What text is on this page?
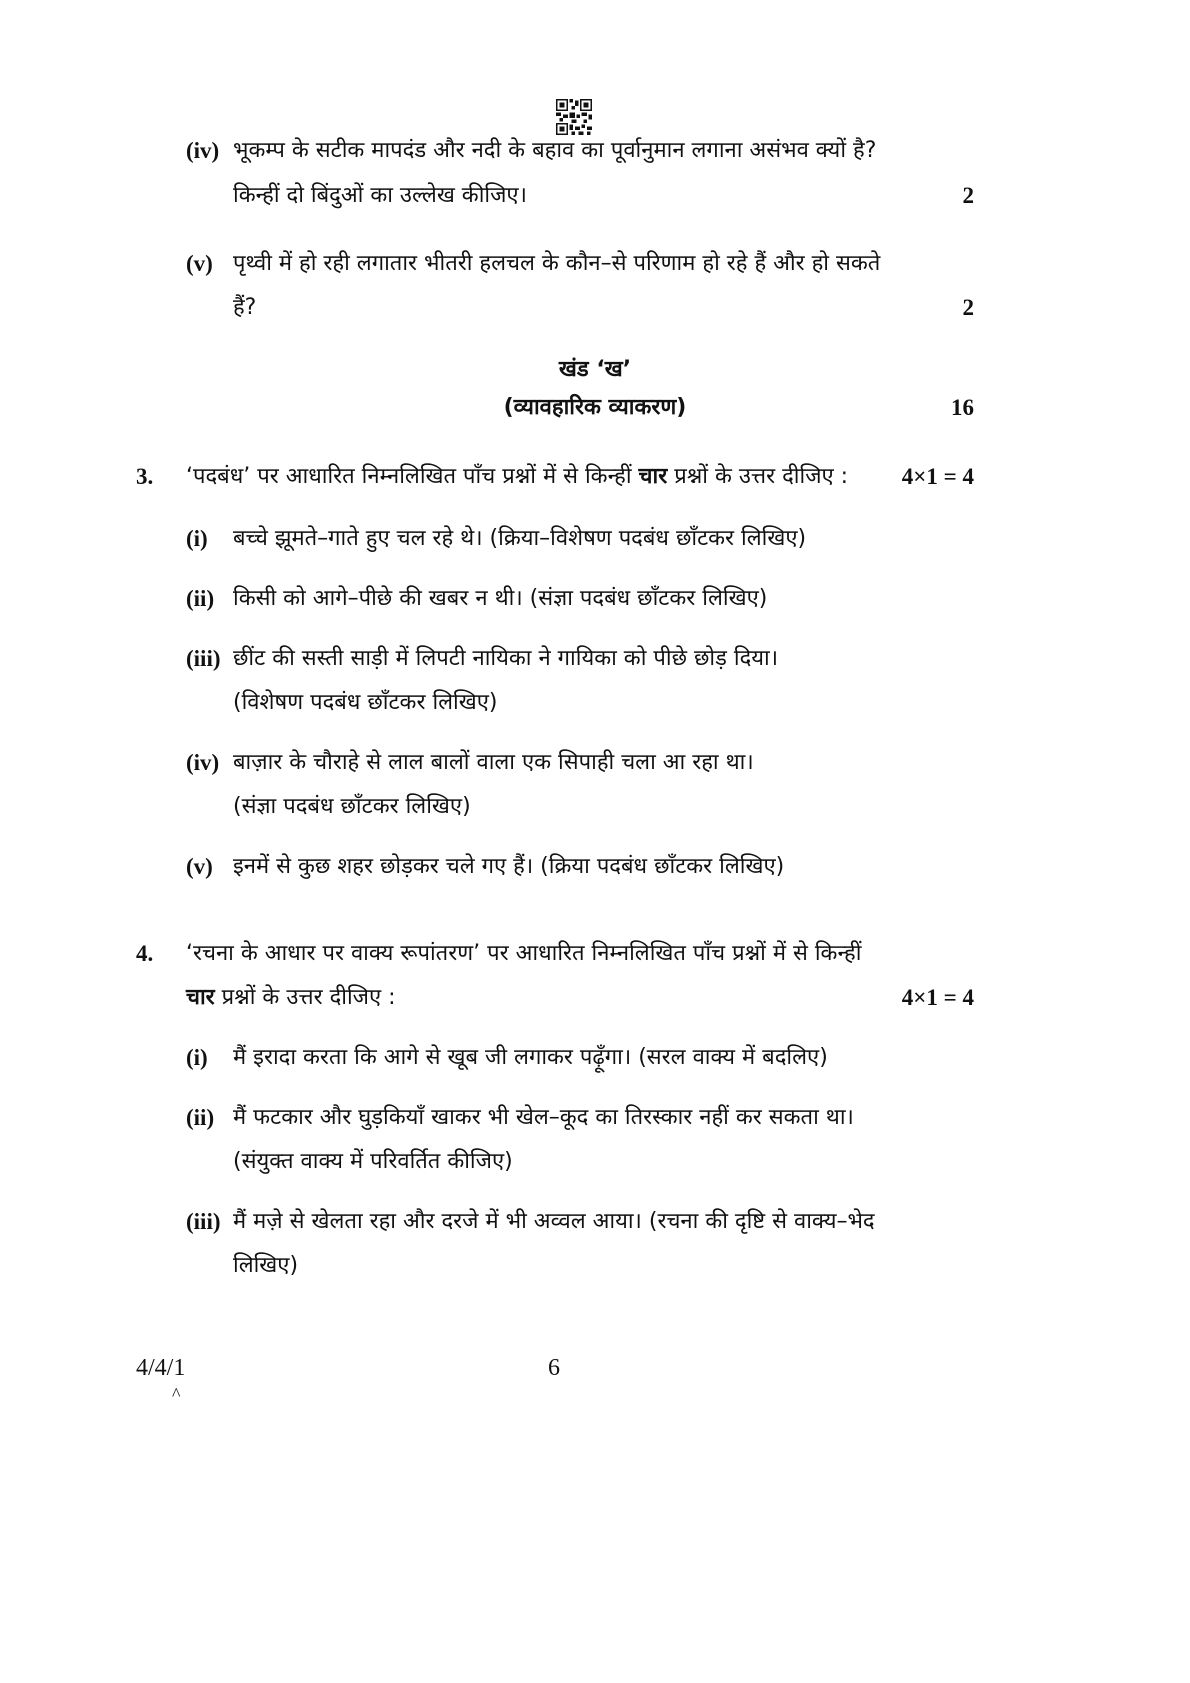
(iv) भूकम्प के सटीक मापदंड और नदी के बहाव का पूर्वानुमान लगाना असंभव क्यों है?
किन्हीं दो बिंदुओं का उल्लेख कीजिए।	2
(v) पृथ्वी में हो रही लगातार भीतरी हलचल के कौन–से परिणाम हो रहे हैं और हो सकते
हैं?	2
खंड ‘ख’
(व्यावहारिक व्याकरण)	16
3. ‘पदबंध’ पर आधारित निम्नलिखित पाँच प्रश्नों में से किन्हीं चार प्रश्नों के उत्तर दीजिए :	4×1 = 4
(i) बच्चे झूमते–गाते हुए चल रहे थे। (क्रिया–विशेषण पदबंध छाँटकर लिखिए)
(ii) किसी को आगे–पीछे की खबर न थी। (संज्ञा पदबंध छाँटकर लिखिए)
(iii) छींट की सस्ती साड़ी में लिपटी नायिका ने गायिका को पीछे छोड़ दिया।
(विशेषण पदबंध छाँटकर लिखिए)
(iv) बाज़ार के चौराहे से लाल बालों वाला एक सिपाही चला आ रहा था।
(संज्ञा पदबंध छाँटकर लिखिए)
(v) इनमें से कुछ शहर छोड़कर चले गए हैं। (क्रिया पदबंध छाँटकर लिखिए)
4. ‘रचना के आधार पर वाक्य रूपांतरण’ पर आधारित निम्नलिखित पाँच प्रश्नों में से किन्हीं
चार प्रश्नों के उत्तर दीजिए :	4×1 = 4
(i) मैं इरादा करता कि आगे से खूब जी लगाकर पढ़ूँगा। (सरल वाक्य में बदलिए)
(ii) मैं फटकार और घुड़कियाँ खाकर भी खेल–कूद का तिरस्कार नहीं कर सकता था।
(संयुक्त वाक्य में परिवर्तित कीजिए)
(iii) मैं मज़े से खेलता रहा और दरजे में भी अव्वल आया। (रचना की दृष्टि से वाक्य–भेद
लिखिए)
4/4/1
^
6
